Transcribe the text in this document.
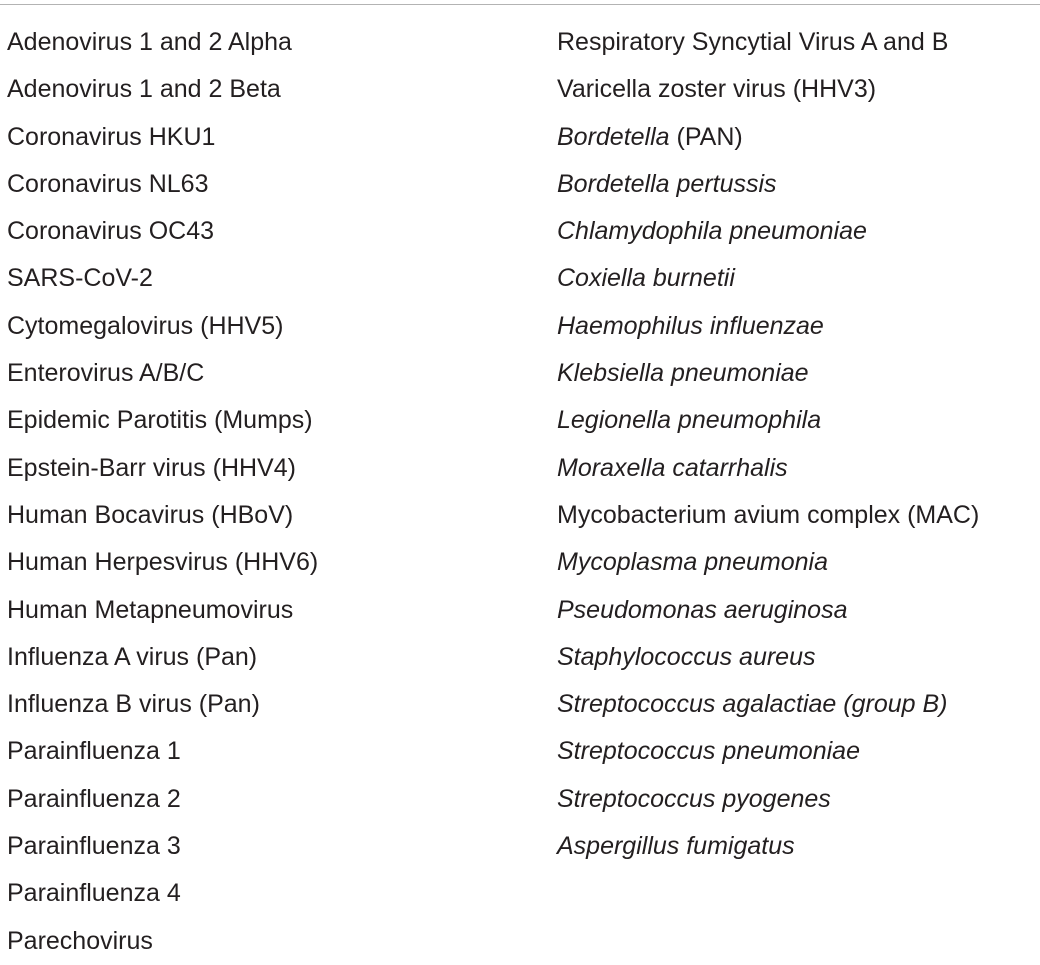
Adenovirus 1 and 2 Alpha
Adenovirus 1 and 2 Beta
Coronavirus HKU1
Coronavirus NL63
Coronavirus OC43
SARS-CoV-2
Cytomegalovirus (HHV5)
Enterovirus A/B/C
Epidemic Parotitis (Mumps)
Epstein-Barr virus (HHV4)
Human Bocavirus (HBoV)
Human Herpesvirus (HHV6)
Human Metapneumovirus
Influenza A virus (Pan)
Influenza B virus (Pan)
Parainfluenza 1
Parainfluenza 2
Parainfluenza 3
Parainfluenza 4
Parechovirus
Respiratory Syncytial Virus A and B
Varicella zoster virus (HHV3)
Bordetella (PAN)
Bordetella pertussis
Chlamydophila pneumoniae
Coxiella burnetii
Haemophilus influenzae
Klebsiella pneumoniae
Legionella pneumophila
Moraxella catarrhalis
Mycobacterium avium complex (MAC)
Mycoplasma pneumonia
Pseudomonas aeruginosa
Staphylococcus aureus
Streptococcus agalactiae (group B)
Streptococcus pneumoniae
Streptococcus pyogenes
Aspergillus fumigatus
